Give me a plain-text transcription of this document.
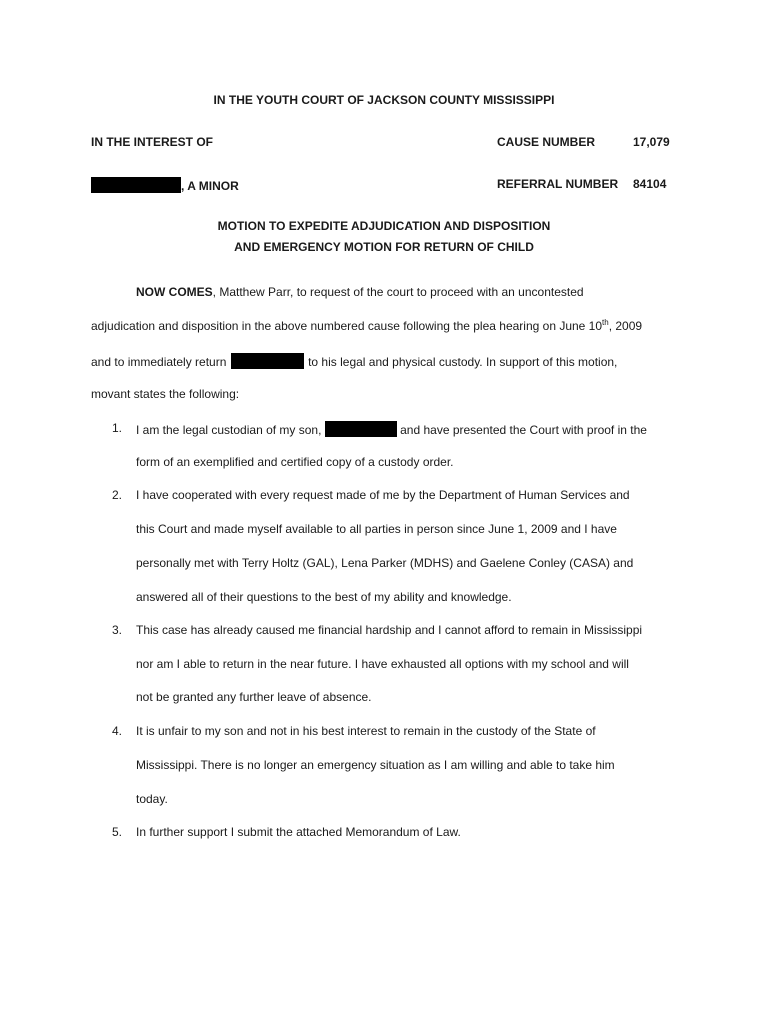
IN THE YOUTH COURT OF JACKSON COUNTY MISSISSIPPI
IN THE INTEREST OF	CAUSE NUMBER	17,079
, A MINOR	REFERRAL NUMBER 84104
MOTION TO EXPEDITE ADJUDICATION AND DISPOSITION
AND EMERGENCY MOTION FOR RETURN OF CHILD
NOW COMES, Matthew Parr, to request of the court to proceed with an uncontested
adjudication and disposition in the above numbered cause following the plea hearing on June 10th, 2009
and to immediately return	to his legal and physical custody. In support of this motion,
movant states the following:
1. I am the legal custodian of my son,	and have presented the Court with proof in the
form of an exemplified and certified copy of a custody order.
2. I have cooperated with every request made of me by the Department of Human Services and
this Court and made myself available to all parties in person since June 1, 2009 and I have
personally met with Terry Holtz (GAL), Lena Parker (MDHS) and Gaelene Conley (CASA) and
answered all of their questions to the best of my ability and knowledge.
3. This case has already caused me financial hardship and I cannot afford to remain in Mississippi
nor am I able to return in the near future. I have exhausted all options with my school and will
not be granted any further leave of absence.
4. It is unfair to my son and not in his best interest to remain in the custody of the State of
Mississippi. There is no longer an emergency situation as I am willing and able to take him
today.
5. In further support I submit the attached Memorandum of Law.
